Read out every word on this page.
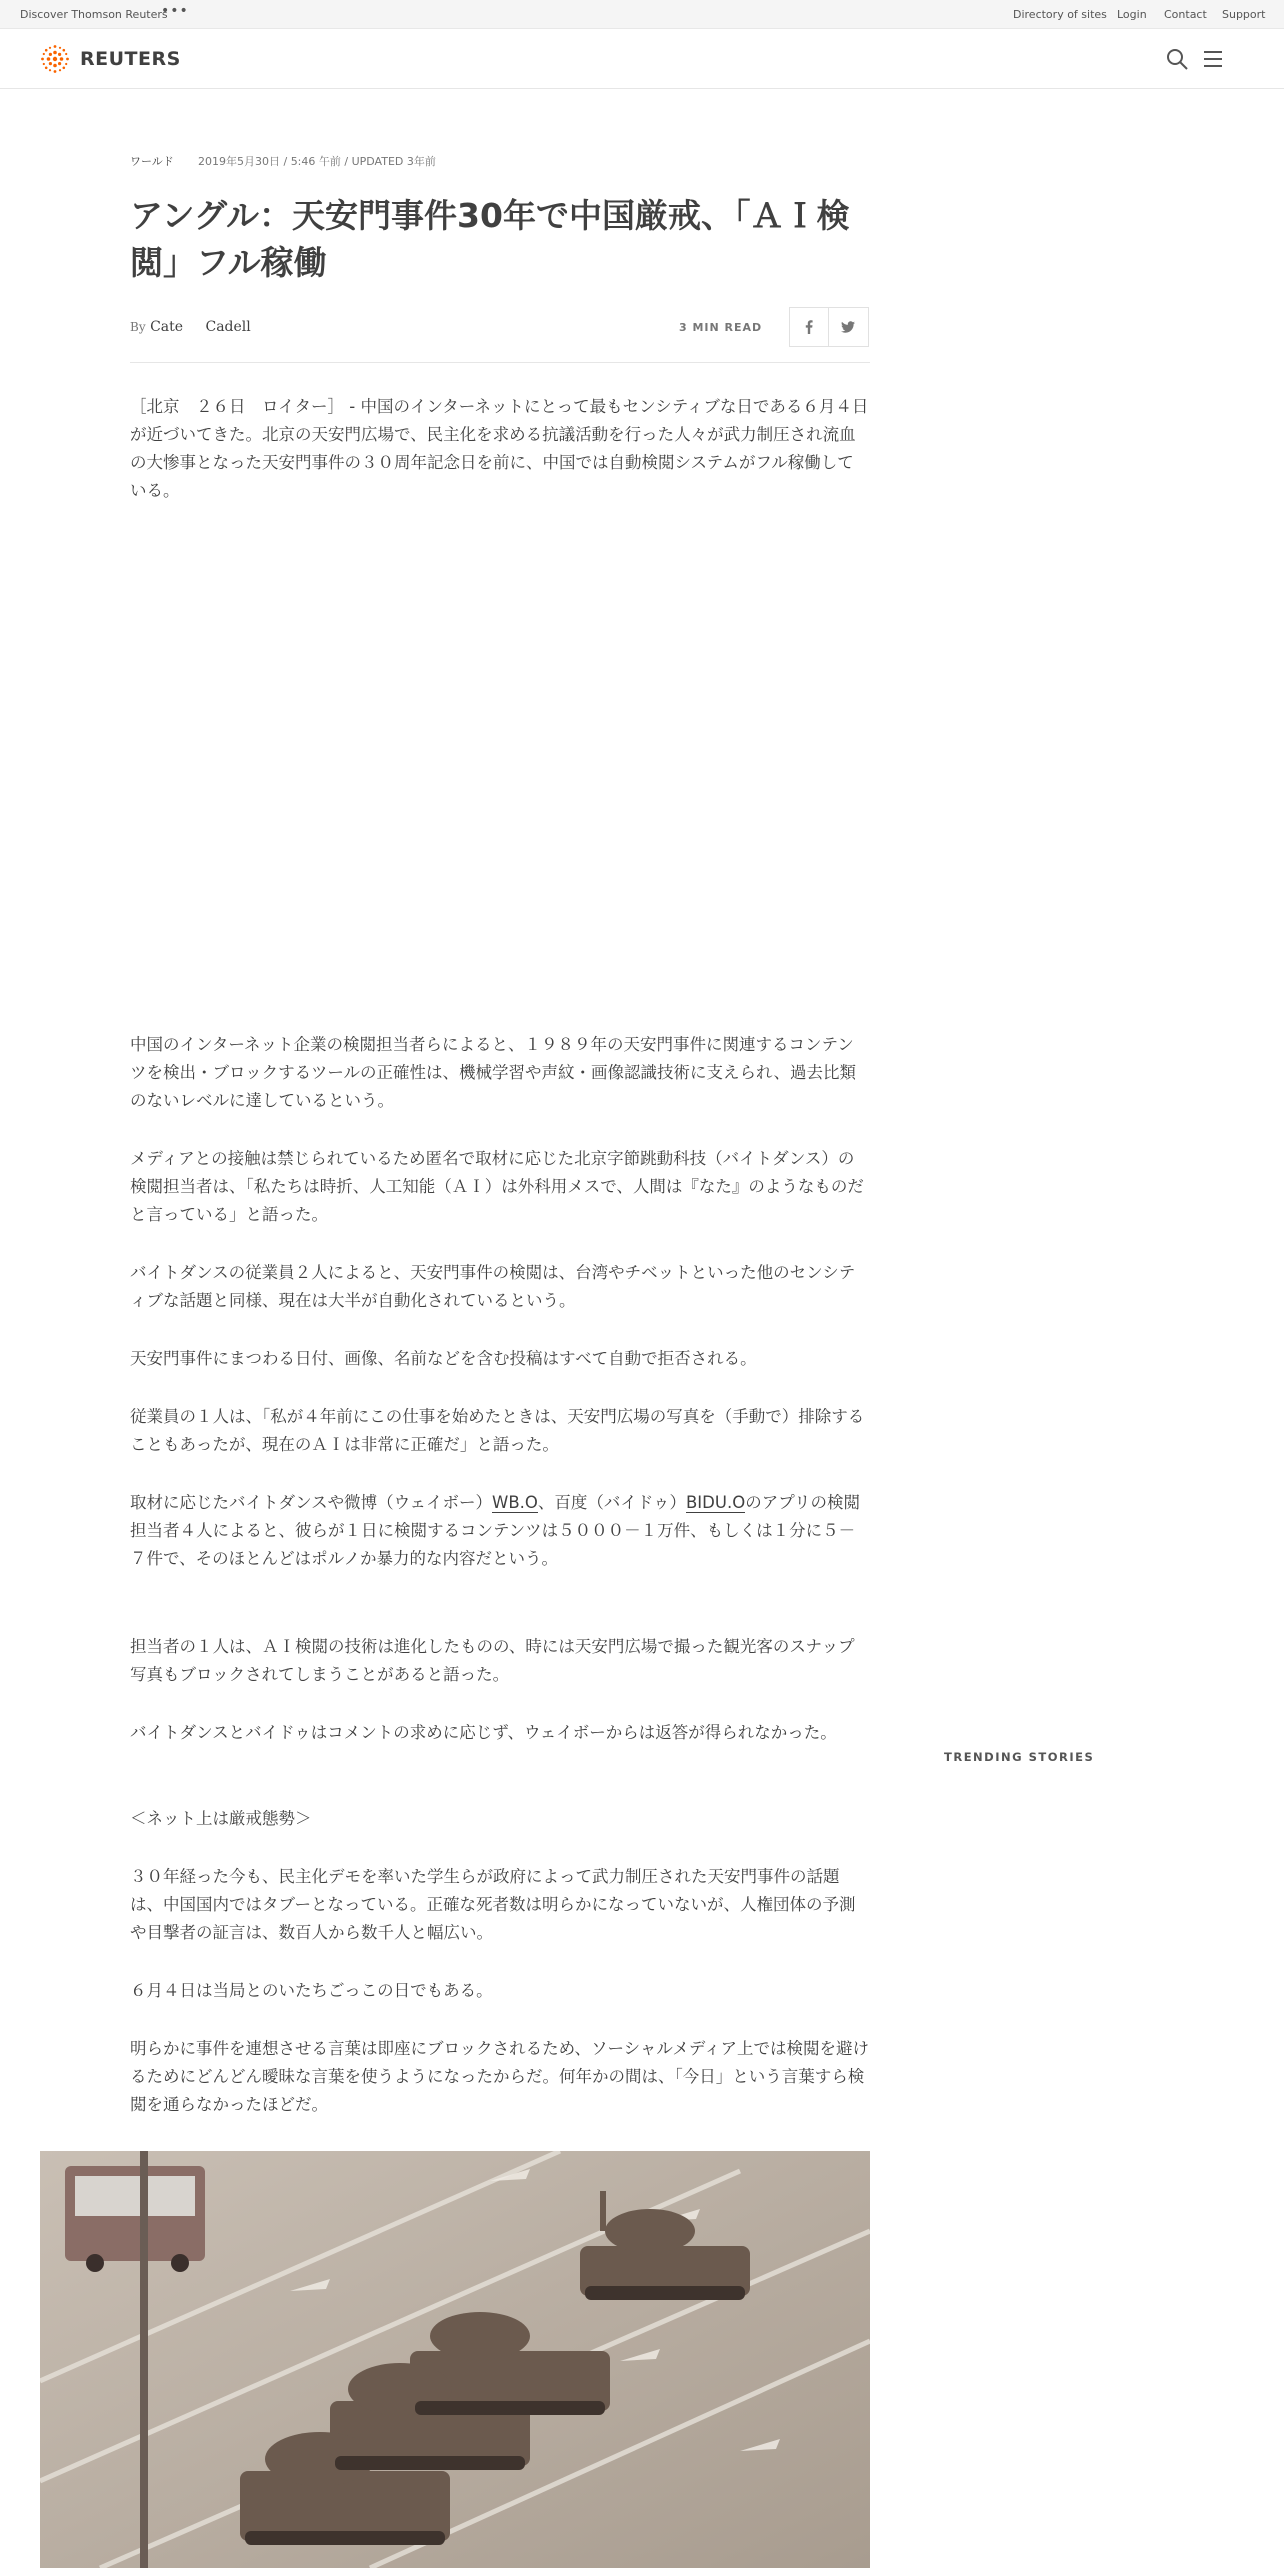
Discover Thomson Reuters
•••	Directory of sites Login Contact Support
REUTERS
ワールド 2019年5月30日 / 5:46 午前 / UPDATED 3年前
アングル：天安門事件30年で中国厳戒、「ＡＩ検閲」フル稼働
By Cate Cadell	3 MIN READ

［北京　２６日　ロイター］ - 中国のインターネットにとって最もセンシティブな日である６月４日が近づいてきた。北京の天安門広場で、民主化を求める抗議活動を行った人々が武力制圧され流血の大惨事となった天安門事件の３０周年記念日を前に、中国では自動検閲システムがフル稼働している。

中国のインターネット企業の検閲担当者らによると、１９８９年の天安門事件に関連するコンテンツを検出・ブロックするツールの正確性は、機械学習や声紋・画像認識技術に支えられ、過去比類のないレベルに達しているという。

メディアとの接触は禁じられているため匿名で取材に応じた北京字節跳動科技（バイトダンス）の検閲担当者は、「私たちは時折、人工知能（ＡＩ）は外科用メスで、人間は『なた』のようなものだと言っている」と語った。

バイトダンスの従業員２人によると、天安門事件の検閲は、台湾やチベットといった他のセンシティブな話題と同様、現在は大半が自動化されているという。

天安門事件にまつわる日付、画像、名前などを含む投稿はすべて自動で拒否される。

従業員の１人は、「私が４年前にこの仕事を始めたときは、天安門広場の写真を（手動で）排除することもあったが、現在のＡＩは非常に正確だ」と語った。

取材に応じたバイトダンスや微博（ウェイボー）WB.O、百度（バイドゥ）BIDU.Oのアプリの検閲担当者４人によると、彼らが１日に検閲するコンテンツは５０００－１万件、もしくは１分に５－７件で、そのほとんどはポルノか暴力的な内容だという。

担当者の１人は、ＡＩ検閲の技術は進化したものの、時には天安門広場で撮った観光客のスナップ写真もブロックされてしまうことがあると語った。

バイトダンスとバイドゥはコメントの求めに応じず、ウェイボーからは返答が得られなかった。

＜ネット上は厳戒態勢＞

３０年経った今も、民主化デモを率いた学生らが政府によって武力制圧された天安門事件の話題は、中国国内ではタブーとなっている。正確な死者数は明らかになっていないが、人権団体の予測や目撃者の証言は、数百人から数千人と幅広い。

６月４日は当局とのいたちごっこの日でもある。

明らかに事件を連想させる言葉は即座にブロックされるため、ソーシャルメディア上では検閲を避けるためにどんどん曖昧な言葉を使うようになったからだ。何年かの間は、「今日」という言葉すら検閲を通らなかったほどだ。

TRENDING STORIES
